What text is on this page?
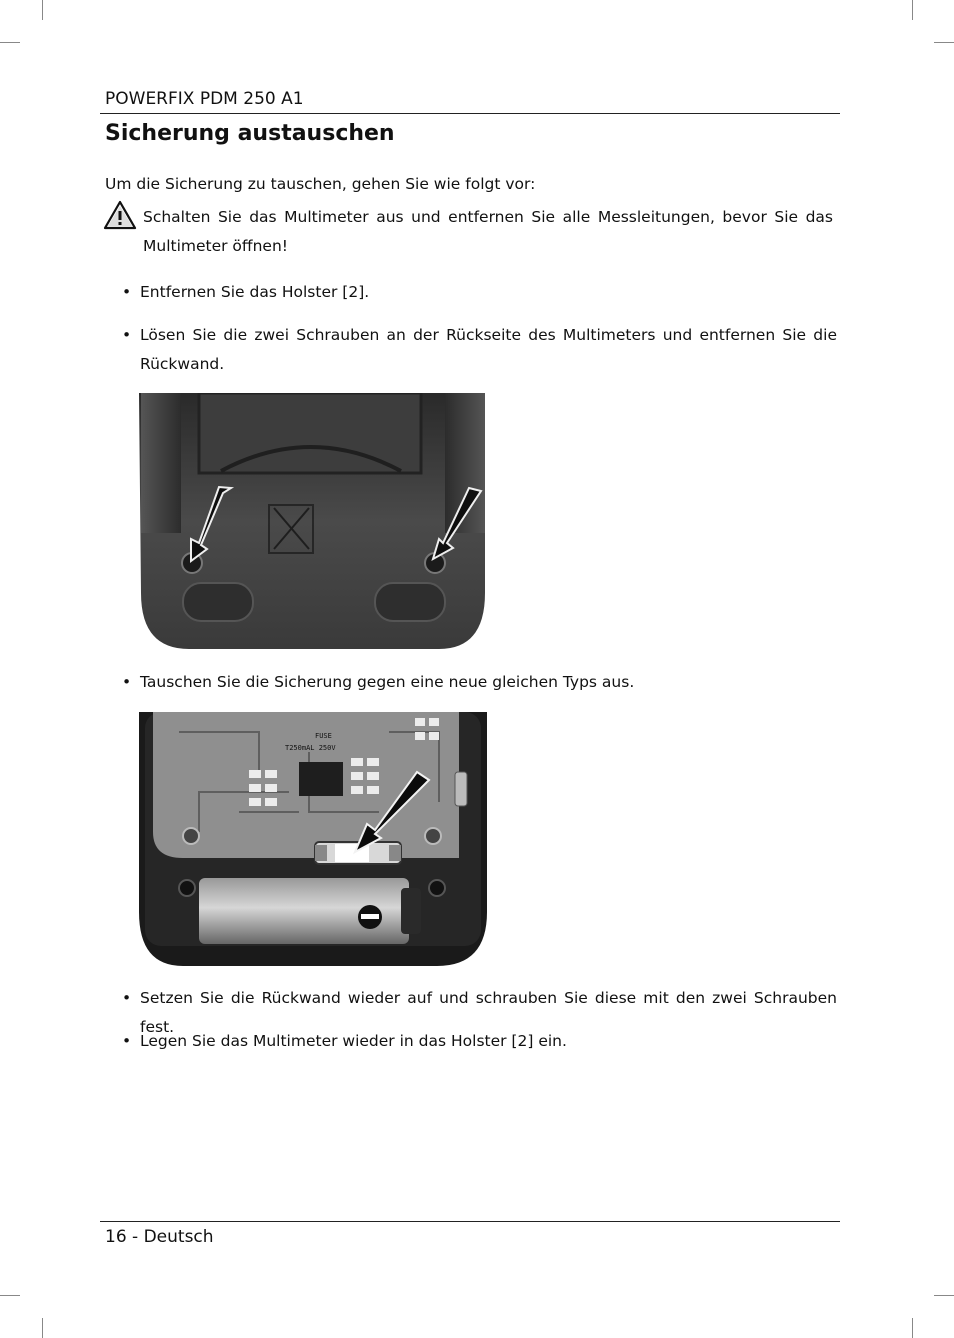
POWERFIX PDM 250 A1
Sicherung austauschen
Um die Sicherung zu tauschen, gehen Sie wie folgt vor:
Schalten Sie das Multimeter aus und entfernen Sie alle Messleitungen, bevor Sie das Multimeter öffnen!
• Entfernen Sie das Holster [2].
• Lösen Sie die zwei Schrauben an der Rückseite des Multimeters und entfernen Sie die Rückwand.
• Tauschen Sie die Sicherung gegen eine neue gleichen Typs aus.
FUSE
T250mAL 250V
• Setzen Sie die Rückwand wieder auf und schrauben Sie diese mit den zwei Schrauben fest.
• Legen Sie das Multimeter wieder in das Holster [2] ein.
16 - Deutsch
